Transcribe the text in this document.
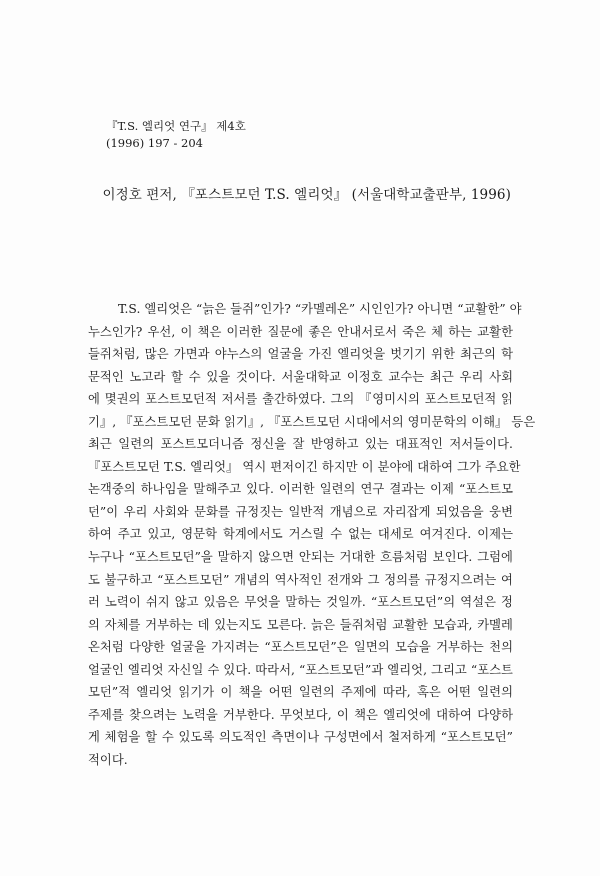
『T.S. 엘리엇 연구』 제4호
(1996) 197 - 204
이정호 편저, 『포스트모던 T.S. 엘리엇』 (서울대학교출판부, 1996)
T.S. 엘리엇은 “늙은 들쥐”인가? “카멜레온” 시인인가? 아니면 “교활한” 야
누스인가? 우선, 이 책은 이러한 질문에 좋은 안내서로서 죽은 체 하는 교활한
들쥐처럼, 많은 가면과 야누스의 얼굴을 가진 엘리엇을 벗기기 위한 최근의 학
문적인 노고라 할 수 있을 것이다. 서울대학교 이정호 교수는 최근 우리 사회
에 몇권의 포스트모던적 저서를 출간하였다. 그의 『영미시의 포스트모던적 읽
기』, 『포스트모던 문화 읽기』, 『포스트모던 시대에서의 영미문학의 이해』 등은
최근 일련의 포스트모더니즘 정신을 잘 반영하고 있는 대표적인 저서들이다.
『포스트모던 T.S. 엘리엇』 역시 편저이긴 하지만 이 분야에 대하여 그가 주요한
논객중의 하나임을 말해주고 있다. 이러한 일련의 연구 결과는 이제 “포스트모
던”이 우리 사회와 문화를 규정짓는 일반적 개념으로 자리잡게 되었음을 웅변
하여 주고 있고, 영문학 학계에서도 거스릴 수 없는 대세로 여겨진다. 이제는
누구나 “포스트모던”을 말하지 않으면 안되는 거대한 흐름처럼 보인다. 그럼에
도 불구하고 “포스트모던” 개념의 역사적인 전개와 그 정의를 규정지으려는 여
러 노력이 쉬지 않고 있음은 무엇을 말하는 것일까. “포스트모던”의 역설은 정
의 자체를 거부하는 데 있는지도 모른다. 늙은 들쥐처럼 교활한 모습과, 카멜레
온처럼 다양한 얼굴을 가지려는 “포스트모던”은 일면의 모습을 거부하는 천의
얼굴인 엘리엇 자신일 수 있다. 따라서, “포스트모던”과 엘리엇, 그리고 “포스트
모던”적 엘리엇 읽기가 이 책을 어떤 일련의 주제에 따라, 혹은 어떤 일련의
주제를 찾으려는 노력을 거부한다. 무엇보다, 이 책은 엘리엇에 대하여 다양하
게 체험을 할 수 있도록 의도적인 측면이나 구성면에서 철저하게 “포스트모던”
적이다.
